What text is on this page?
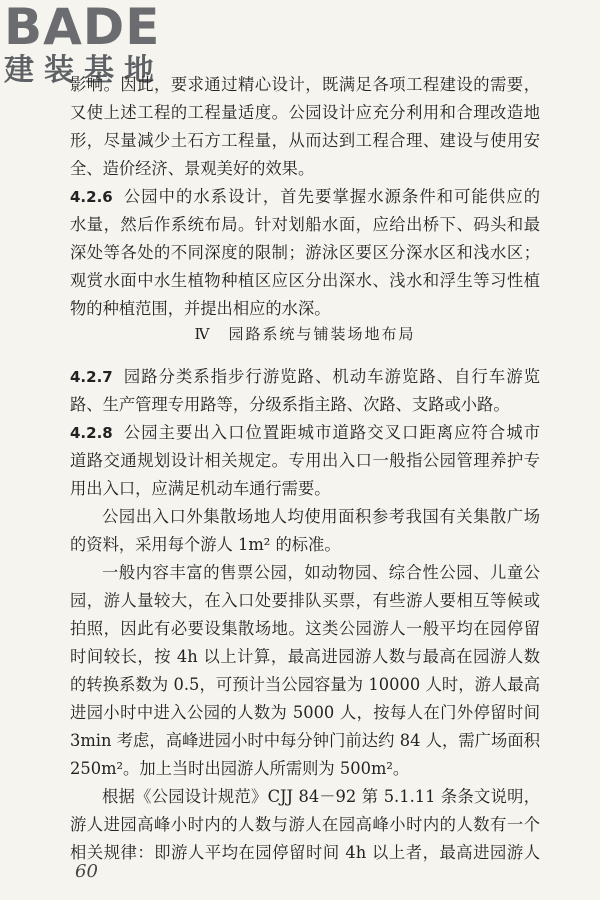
BADE
建装基地
影响。因此，要求通过精心设计，既满足各项工程建设的需要，
又使上述工程的工程量适度。公园设计应充分利用和合理改造地
形，尽量减少土石方工程量，从而达到工程合理、建设与使用安
全、造价经济、景观美好的效果。
4.2.6 公园中的水系设计，首先要掌握水源条件和可能供应的
水量，然后作系统布局。针对划船水面，应给出桥下、码头和最
深处等各处的不同深度的限制；游泳区要区分深水区和浅水区；
观赏水面中水生植物种植区应区分出深水、浅水和浮生等习性植
物的种植范围，并提出相应的水深。
Ⅳ　园路系统与铺装场地布局
4.2.7 园路分类系指步行游览路、机动车游览路、自行车游览
路、生产管理专用路等，分级系指主路、次路、支路或小路。
4.2.8 公园主要出入口位置距城市道路交叉口距离应符合城市
道路交通规划设计相关规定。专用出入口一般指公园管理养护专
用出入口，应满足机动车通行需要。
公园出入口外集散场地人均使用面积参考我国有关集散广场
的资料，采用每个游人 1m² 的标准。
一般内容丰富的售票公园，如动物园、综合性公园、儿童公
园，游人量较大，在入口处要排队买票，有些游人要相互等候或
拍照，因此有必要设集散场地。这类公园游人一般平均在园停留
时间较长，按 4h 以上计算，最高进园游人数与最高在园游人数
的转换系数为 0.5，可预计当公园容量为 10000 人时，游人最高
进园小时中进入公园的人数为 5000 人，按每人在门外停留时间
3min 考虑，高峰进园小时中每分钟门前达约 84 人，需广场面积
250m²。加上当时出园游人所需则为 500m²。
根据《公园设计规范》CJJ 84－92 第 5.1.11 条条文说明，
游人进园高峰小时内的人数与游人在园高峰小时内的人数有一个
相关规律：即游人平均在园停留时间 4h 以上者，最高进园游人
60
